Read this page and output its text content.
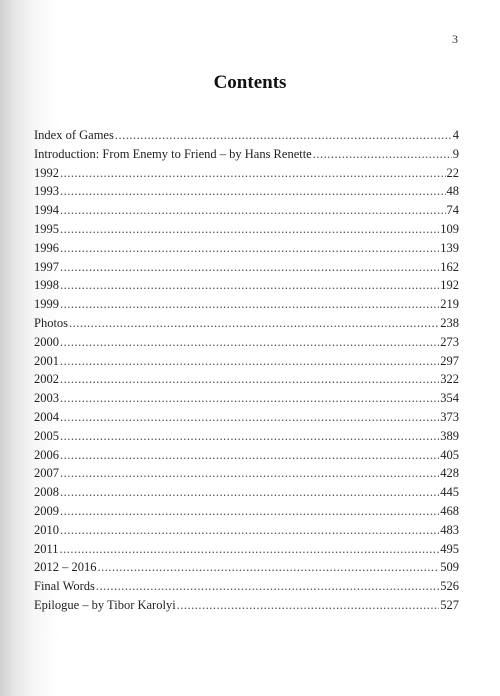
3
Contents
Index of Games .....	4
Introduction: From Enemy to Friend – by Hans Renette .....	9
1992 .....	22
1993 .....	48
1994 .....	74
1995 .....	109
1996 .....	139
1997 .....	162
1998 .....	192
1999 .....	219
Photos .....	238
2000 .....	273
2001 .....	297
2002 .....	322
2003 .....	354
2004 .....	373
2005 .....	389
2006 .....	405
2007 .....	428
2008 .....	445
2009 .....	468
2010 .....	483
2011 .....	495
2012 – 2016 .....	509
Final Words .....	526
Epilogue – by Tibor Karolyi .....	527
